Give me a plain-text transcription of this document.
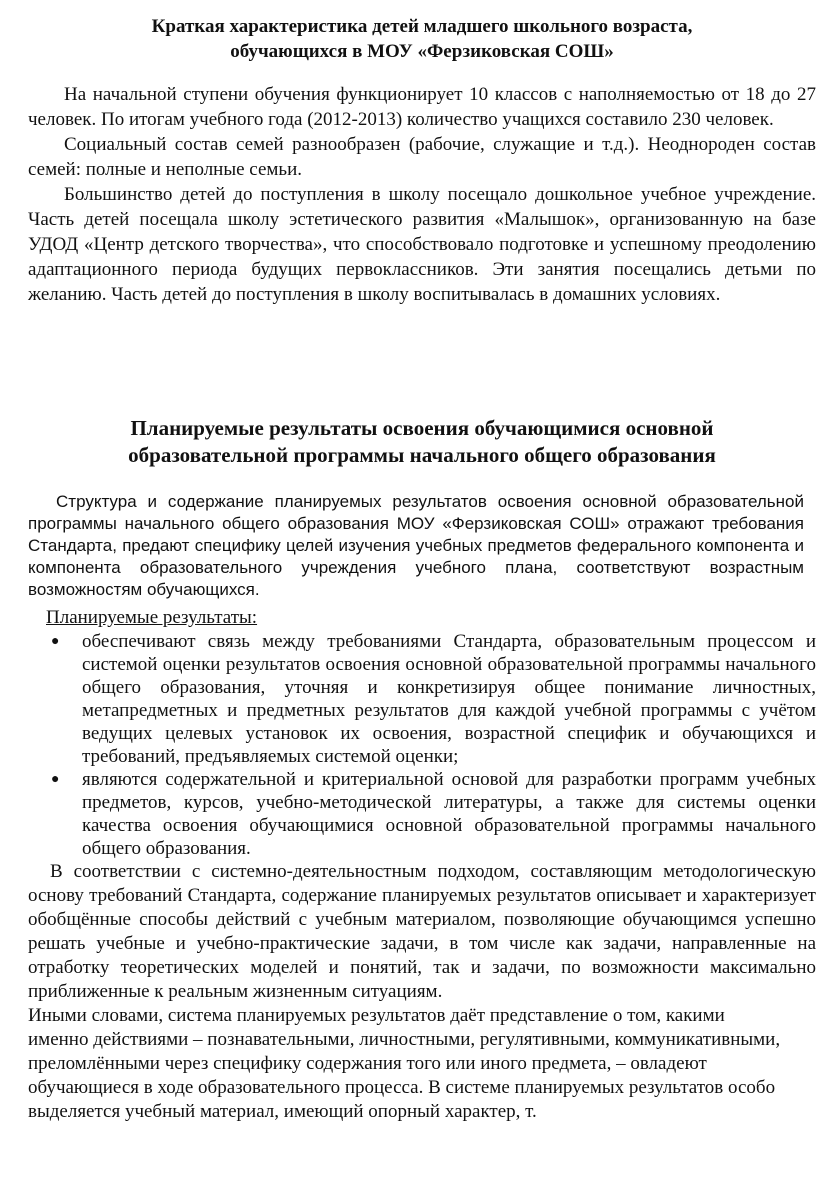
Краткая характеристика детей младшего школьного возраста,
обучающихся в МОУ «Ферзиковская СОШ»

На начальной ступени обучения функционирует 10 классов с наполняемостью от 18 до 27 человек. По итогам учебного года (2012-2013) количество учащихся составило 230 человек.

Социальный состав семей разнообразен (рабочие, служащие и т.д.). Неоднороден состав семей: полные и неполные семьи.

Большинство детей до поступления в школу посещало дошкольное учебное учреждение. Часть детей посещала школу эстетического развития «Малышок», организованную на базе УДОД «Центр детского творчества», что способствовало подготовке и успешному преодолению адаптационного периода будущих первоклассников. Эти занятия посещались детьми по желанию. Часть детей до поступления в школу воспитывалась в домашних условиях.

Планируемые результаты освоения обучающимися основной
образовательной программы начального общего образования

Структура и содержание планируемых результатов освоения основной образовательной программы начального общего образования МОУ «Ферзиковская СОШ» отражают требования Стандарта, предают специфику целей изучения учебных предметов федерального компонента и компонента образовательного учреждения учебного плана, соответствуют возрастным возможностям обучающихся.

Планируемые результаты:
● обеспечивают связь между требованиями Стандарта, образовательным процессом и системой оценки результатов освоения основной образовательной программы начального общего образования, уточняя и конкретизируя общее понимание личностных, метапредметных и предметных результатов для каждой учебной программы с учётом ведущих целевых установок их освоения, возрастной специфик и обучающихся и требований, предъявляемых системой оценки;
● являются содержательной и критериальной основой для разработки программ учебных предметов, курсов, учебно-методической литературы, а также для системы оценки качества освоения обучающимися основной образовательной программы начального общего образования.

В соответствии с системно-деятельностным подходом, составляющим методологическую основу требований Стандарта, содержание планируемых результатов описывает и характеризует обобщённые способы действий с учебным материалом, позволяющие обучающимся успешно решать учебные и учебно-практические задачи, в том числе как задачи, направленные на отработку теоретических моделей и понятий, так и задачи, по возможности максимально приближенные к реальным жизненным ситуациям.

Иными словами, система планируемых результатов даёт представление о том, какими
именно действиями – познавательными, личностными, регулятивными, коммуникативными,
преломлёнными через специфику содержания того или иного предмета, – овладеют
обучающиеся в ходе образовательного процесса. В системе планируемых результатов особо
выделяется учебный материал, имеющий опорный характер, т.
